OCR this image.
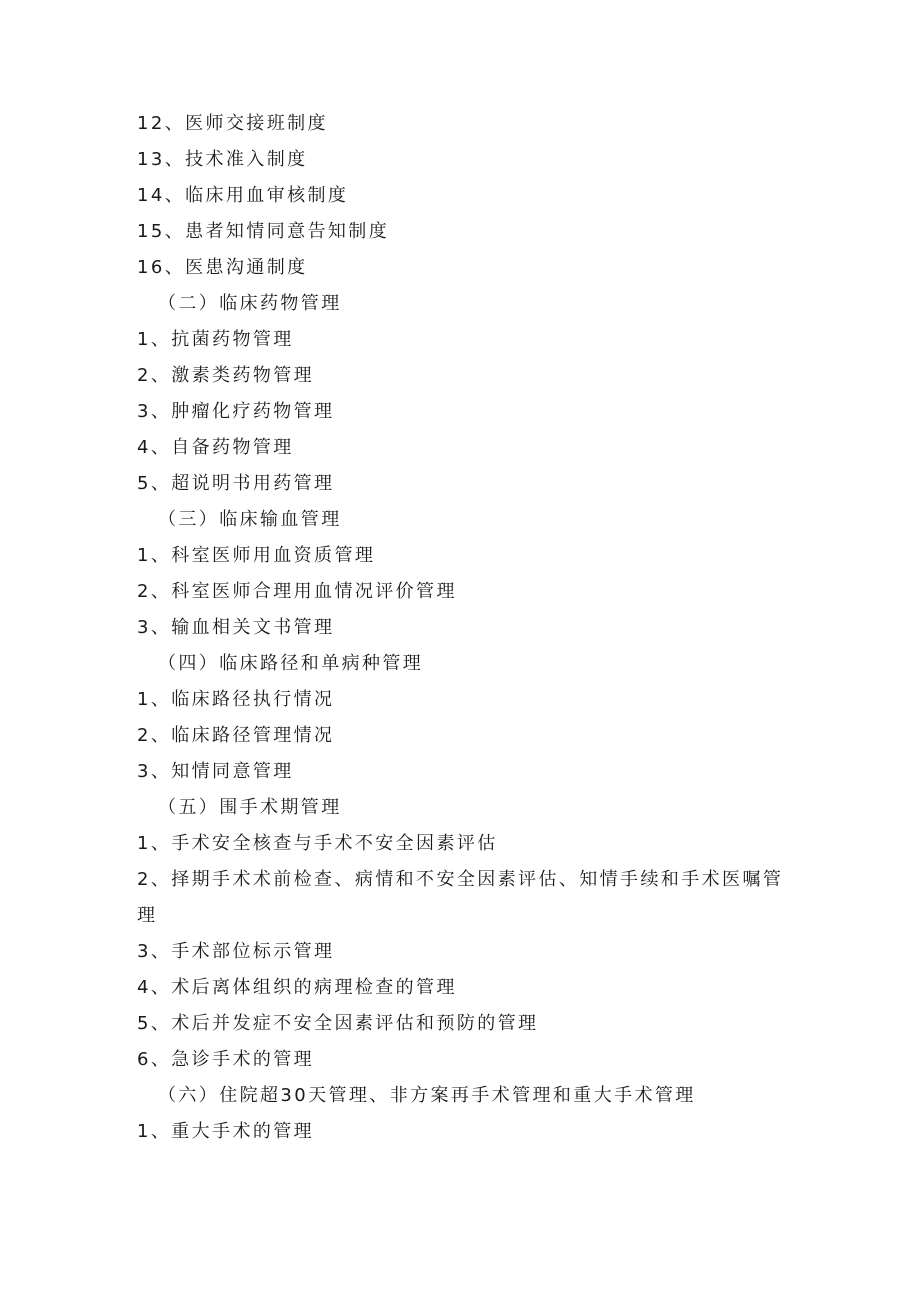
12、医师交接班制度
13、技术准入制度
14、临床用血审核制度
15、患者知情同意告知制度
16、医患沟通制度
（二）临床药物管理
1、抗菌药物管理
2、激素类药物管理
3、肿瘤化疗药物管理
4、自备药物管理
5、超说明书用药管理
（三）临床输血管理
1、科室医师用血资质管理
2、科室医师合理用血情况评价管理
3、输血相关文书管理
（四）临床路径和单病种管理
1、临床路径执行情况
2、临床路径管理情况
3、知情同意管理
（五）围手术期管理
1、手术安全核查与手术不安全因素评估
2、择期手术术前检查、病情和不安全因素评估、知情手续和手术医嘱管
理
3、手术部位标示管理
4、术后离体组织的病理检查的管理
5、术后并发症不安全因素评估和预防的管理
6、急诊手术的管理
（六）住院超30天管理、非方案再手术管理和重大手术管理
1、重大手术的管理
